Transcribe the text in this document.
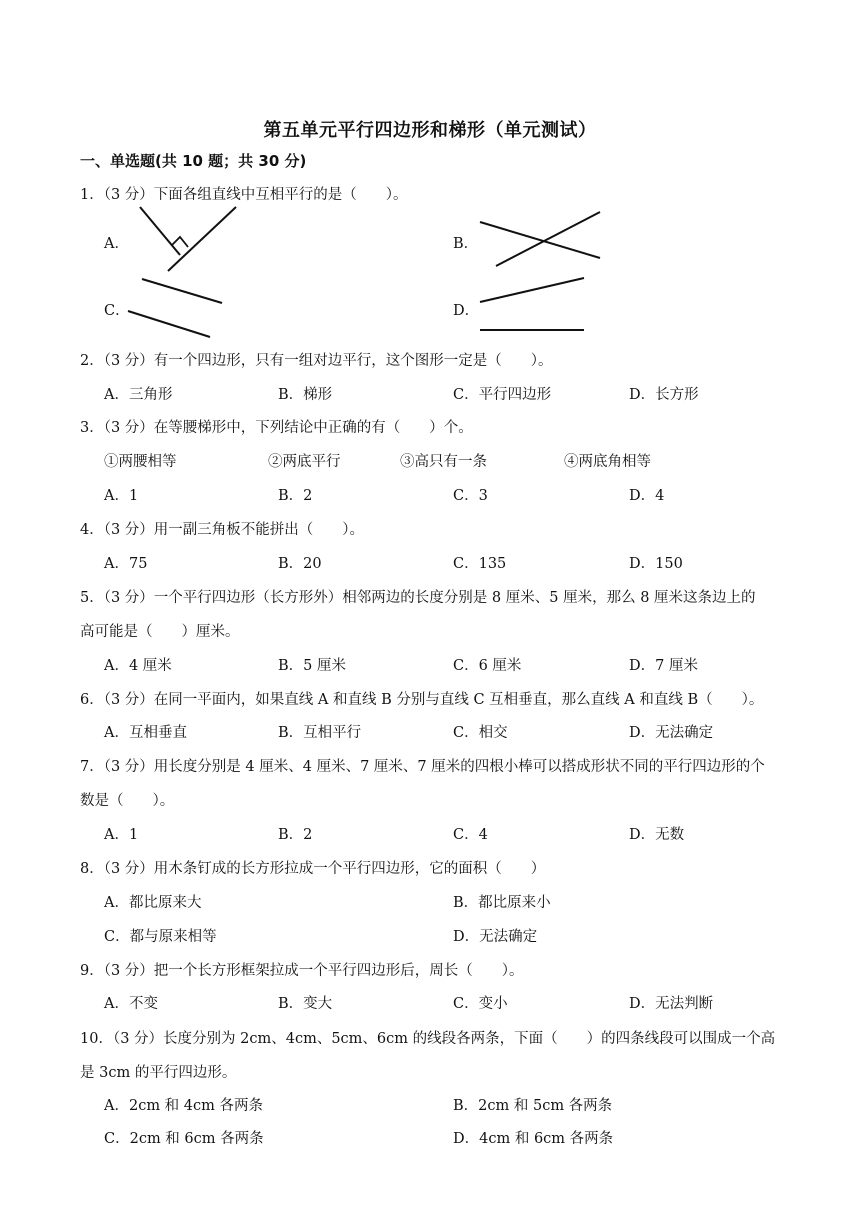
第五单元平行四边形和梯形（单元测试）
一、单选题(共 10 题；共 30 分)
1．（3 分）下面各组直线中互相平行的是（　　）。
A．	B．
C．	D．
2．（3 分）有一个四边形，只有一组对边平行，这个图形一定是（　　）。
A．三角形	B．梯形	C．平行四边形	D．长方形
3．（3 分）在等腰梯形中，下列结论中正确的有（　　）个。
①两腰相等	②两底平行	③高只有一条	④两底角相等
A．1	B．2	C．3	D．4
4．（3 分）用一副三角板不能拼出（　　）。
A．75	B．20	C．135	D．150
5．（3 分）一个平行四边形（长方形外）相邻两边的长度分别是 8 厘米、5 厘米，那么 8 厘米这条边上的
高可能是（　　）厘米。
A．4 厘米	B．5 厘米	C．6 厘米	D．7 厘米
6．（3 分）在同一平面内，如果直线 A 和直线 B 分别与直线 C 互相垂直，那么直线 A 和直线 B（　　）。
A．互相垂直	B．互相平行	C．相交	D．无法确定
7．（3 分）用长度分别是 4 厘米、4 厘米、7 厘米、7 厘米的四根小棒可以搭成形状不同的平行四边形的个
数是（　　）。
A．1	B．2	C．4	D．无数
8．（3 分）用木条钉成的长方形拉成一个平行四边形，它的面积（　　）
A．都比原来大	B．都比原来小
C．都与原来相等	D．无法确定
9．（3 分）把一个长方形框架拉成一个平行四边形后，周长（　　）。
A．不变	B．变大	C．变小	D．无法判断
10．（3 分）长度分别为 2cm、4cm、5cm、6cm 的线段各两条，下面（　　）的四条线段可以围成一个高
是 3cm 的平行四边形。
A．2cm 和 4cm 各两条	B．2cm 和 5cm 各两条
C．2cm 和 6cm 各两条	D．4cm 和 6cm 各两条
